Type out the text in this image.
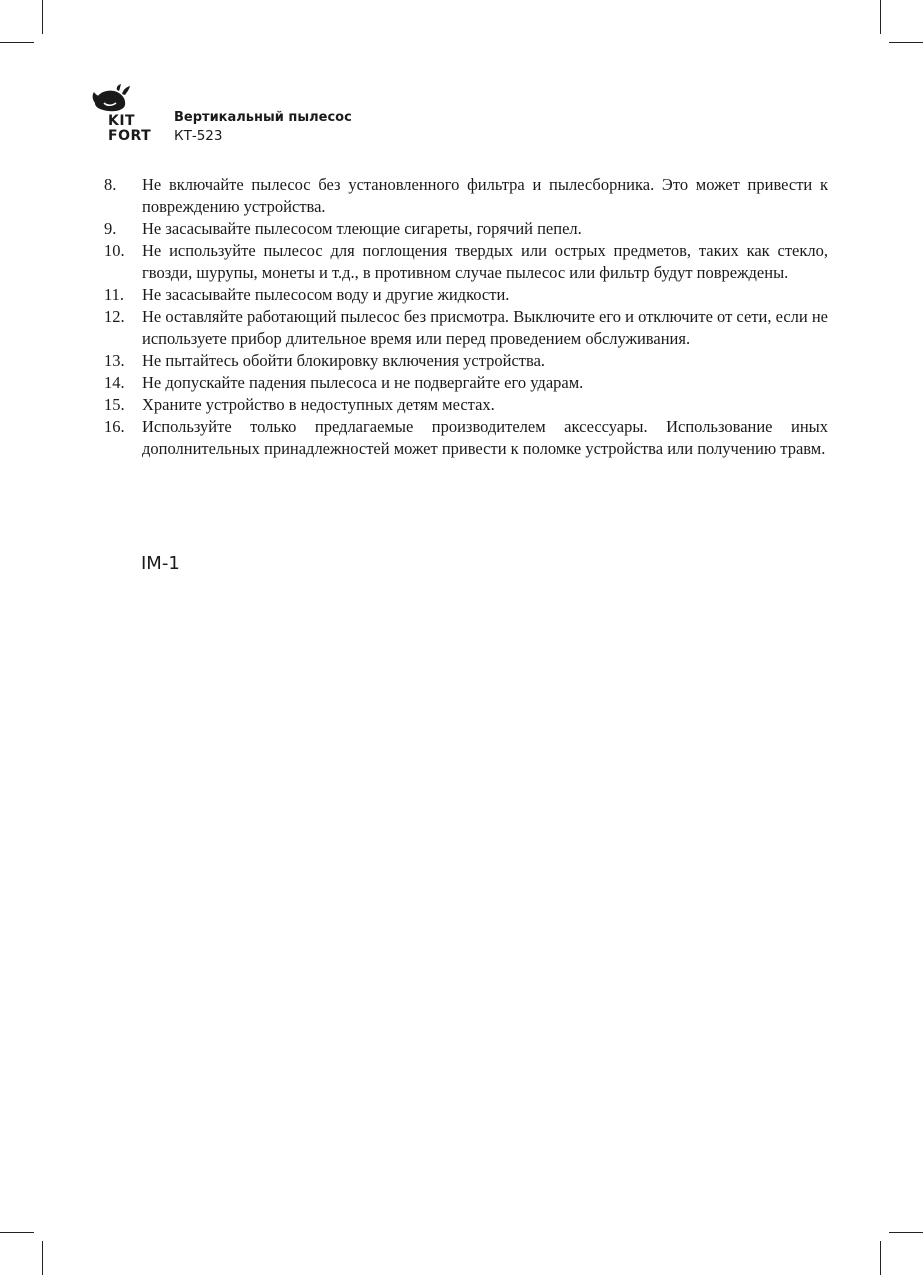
KIT
FORT
Вертикальный пылесос
КТ-523
8. Не включайте пылесос без установленного фильтра и пылесборника. Это может привести к повреждению устройства.
9. Не засасывайте пылесосом тлеющие сигареты, горячий пепел.
10. Не используйте пылесос для поглощения твердых или острых предметов, таких как стекло, гвозди, шурупы, монеты и т.д., в противном случае пылесос или фильтр будут повреждены.
11. Не засасывайте пылесосом воду и другие жидкости.
12. Не оставляйте работающий пылесос без присмотра. Выключите его и отключите от сети, если не используете прибор длительное время или перед проведением обслуживания.
13. Не пытайтесь обойти блокировку включения устройства.
14. Не допускайте падения пылесоса и не подвергайте его ударам.
15. Храните устройство в недоступных детям местах.
16. Используйте только предлагаемые производителем аксессуары. Использование иных дополнительных принадлежностей может привести к поломке устройства или получению травм.
IM-1
